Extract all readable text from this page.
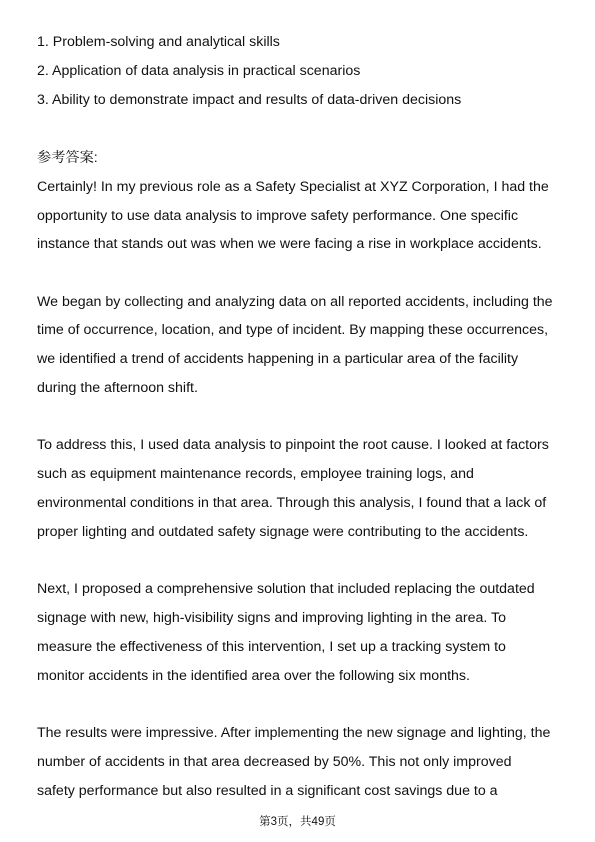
1. Problem-solving and analytical skills

2. Application of data analysis in practical scenarios

3. Ability to demonstrate impact and results of data-driven decisions

参考答案:

Certainly! In my previous role as a Safety Specialist at XYZ Corporation, I had the

opportunity to use data analysis to improve safety performance. One specific

instance that stands out was when we were facing a rise in workplace accidents.

We began by collecting and analyzing data on all reported accidents, including the

time of occurrence, location, and type of incident. By mapping these occurrences,

we identified a trend of accidents happening in a particular area of the facility

during the afternoon shift.

To address this, I used data analysis to pinpoint the root cause. I looked at factors

such as equipment maintenance records, employee training logs, and

environmental conditions in that area. Through this analysis, I found that a lack of

proper lighting and outdated safety signage were contributing to the accidents.

Next, I proposed a comprehensive solution that included replacing the outdated

signage with new, high-visibility signs and improving lighting in the area. To

measure the effectiveness of this intervention, I set up a tracking system to

monitor accidents in the identified area over the following six months.

The results were impressive. After implementing the new signage and lighting, the

number of accidents in that area decreased by 50%. This not only improved

safety performance but also resulted in a significant cost savings due to a

第3页，共49页
